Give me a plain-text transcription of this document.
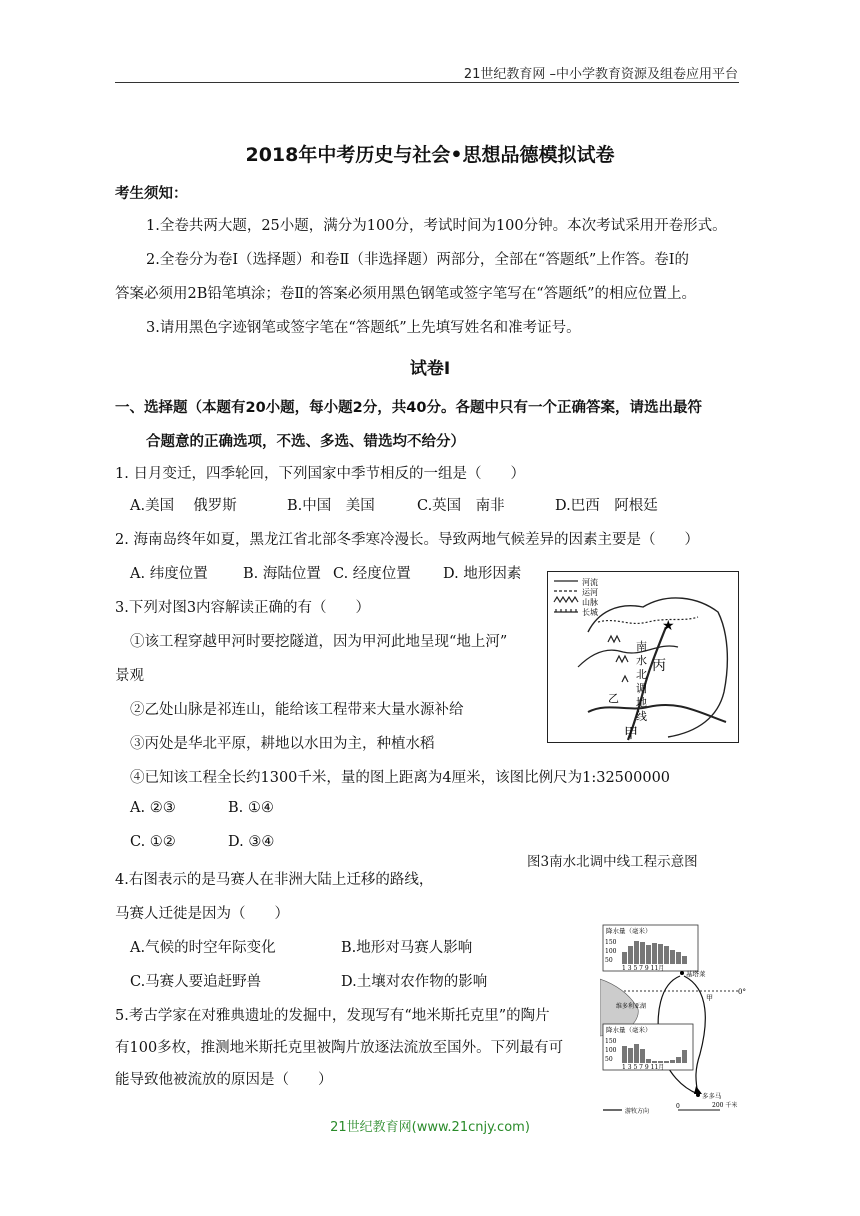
21世纪教育网 –中小学教育资源及组卷应用平台
2018年中考历史与社会•思想品德模拟试卷
考生须知：
1.全卷共两大题，25小题，满分为100分，考试时间为100分钟。本次考试采用开卷形式。
2.全卷分为卷Ⅰ（选择题）和卷Ⅱ（非选择题）两部分，全部在“答题纸”上作答。卷Ⅰ的
答案必须用2B铅笔填涂；卷Ⅱ的答案必须用黑色钢笔或签字笔写在“答题纸”的相应位置上。
3.请用黑色字迹钢笔或签字笔在“答题纸”上先填写姓名和准考证号。
试卷Ⅰ
一、选择题（本题有20小题，每小题2分，共40分。各题中只有一个正确答案，请选出最符
合题意的正确选项，不选、多选、错选均不给分）
1. 日月变迁，四季轮回，下列国家中季节相反的一组是（　　）
A.美国　 俄罗斯	B.中国　美国	C.英国　南非	D.巴西　阿根廷
2. 海南岛终年如夏，黑龙江省北部冬季寒冷漫长。导致两地气候差异的因素主要是（　　）
A. 纬度位置 B. 海陆位置 C. 经度位置 D. 地形因素
河流
运河
山脉
长城
★
南
水
北
调
地
线
丙
乙
甲
3.下列对图3内容解读正确的有（　　）
①该工程穿越甲河时要挖隧道，因为甲河此地呈现“地上河”
景观
②乙处山脉是祁连山，能给该工程带来大量水源补给
③丙处是华北平原，耕地以水田为主，种植水稻
④已知该工程全长约1300千米，量的图上距离为4厘米，该图比例尺为1:32500000
A. ②③	B. ①④
C. ①②	D. ③④
图3南水北调中线工程示意图
4.右图表示的是马赛人在非洲大陆上迁移的路线，
马赛人迁徙是因为（　　）
A.气候的时空年际变化	B.地形对马赛人影响
C.马赛人要追赶野兽	D.土壤对农作物的影响
降水量（毫米）
150
100
50
1 3 5 7 9 11月
0°
维多利亚湖
基塔莱
甲
降水量（毫米）
150
100
50
1 3 5 7 9 11月
多多马
游牧方向
0	200 千米
5.考古学家在对雅典遗址的发掘中，发现写有“地米斯托克里”的陶片
有100多枚，推测地米斯托克里被陶片放逐法流放至国外。下列最有可
能导致他被流放的原因是（　　）
21世纪教育网(www.21cnjy.com)
